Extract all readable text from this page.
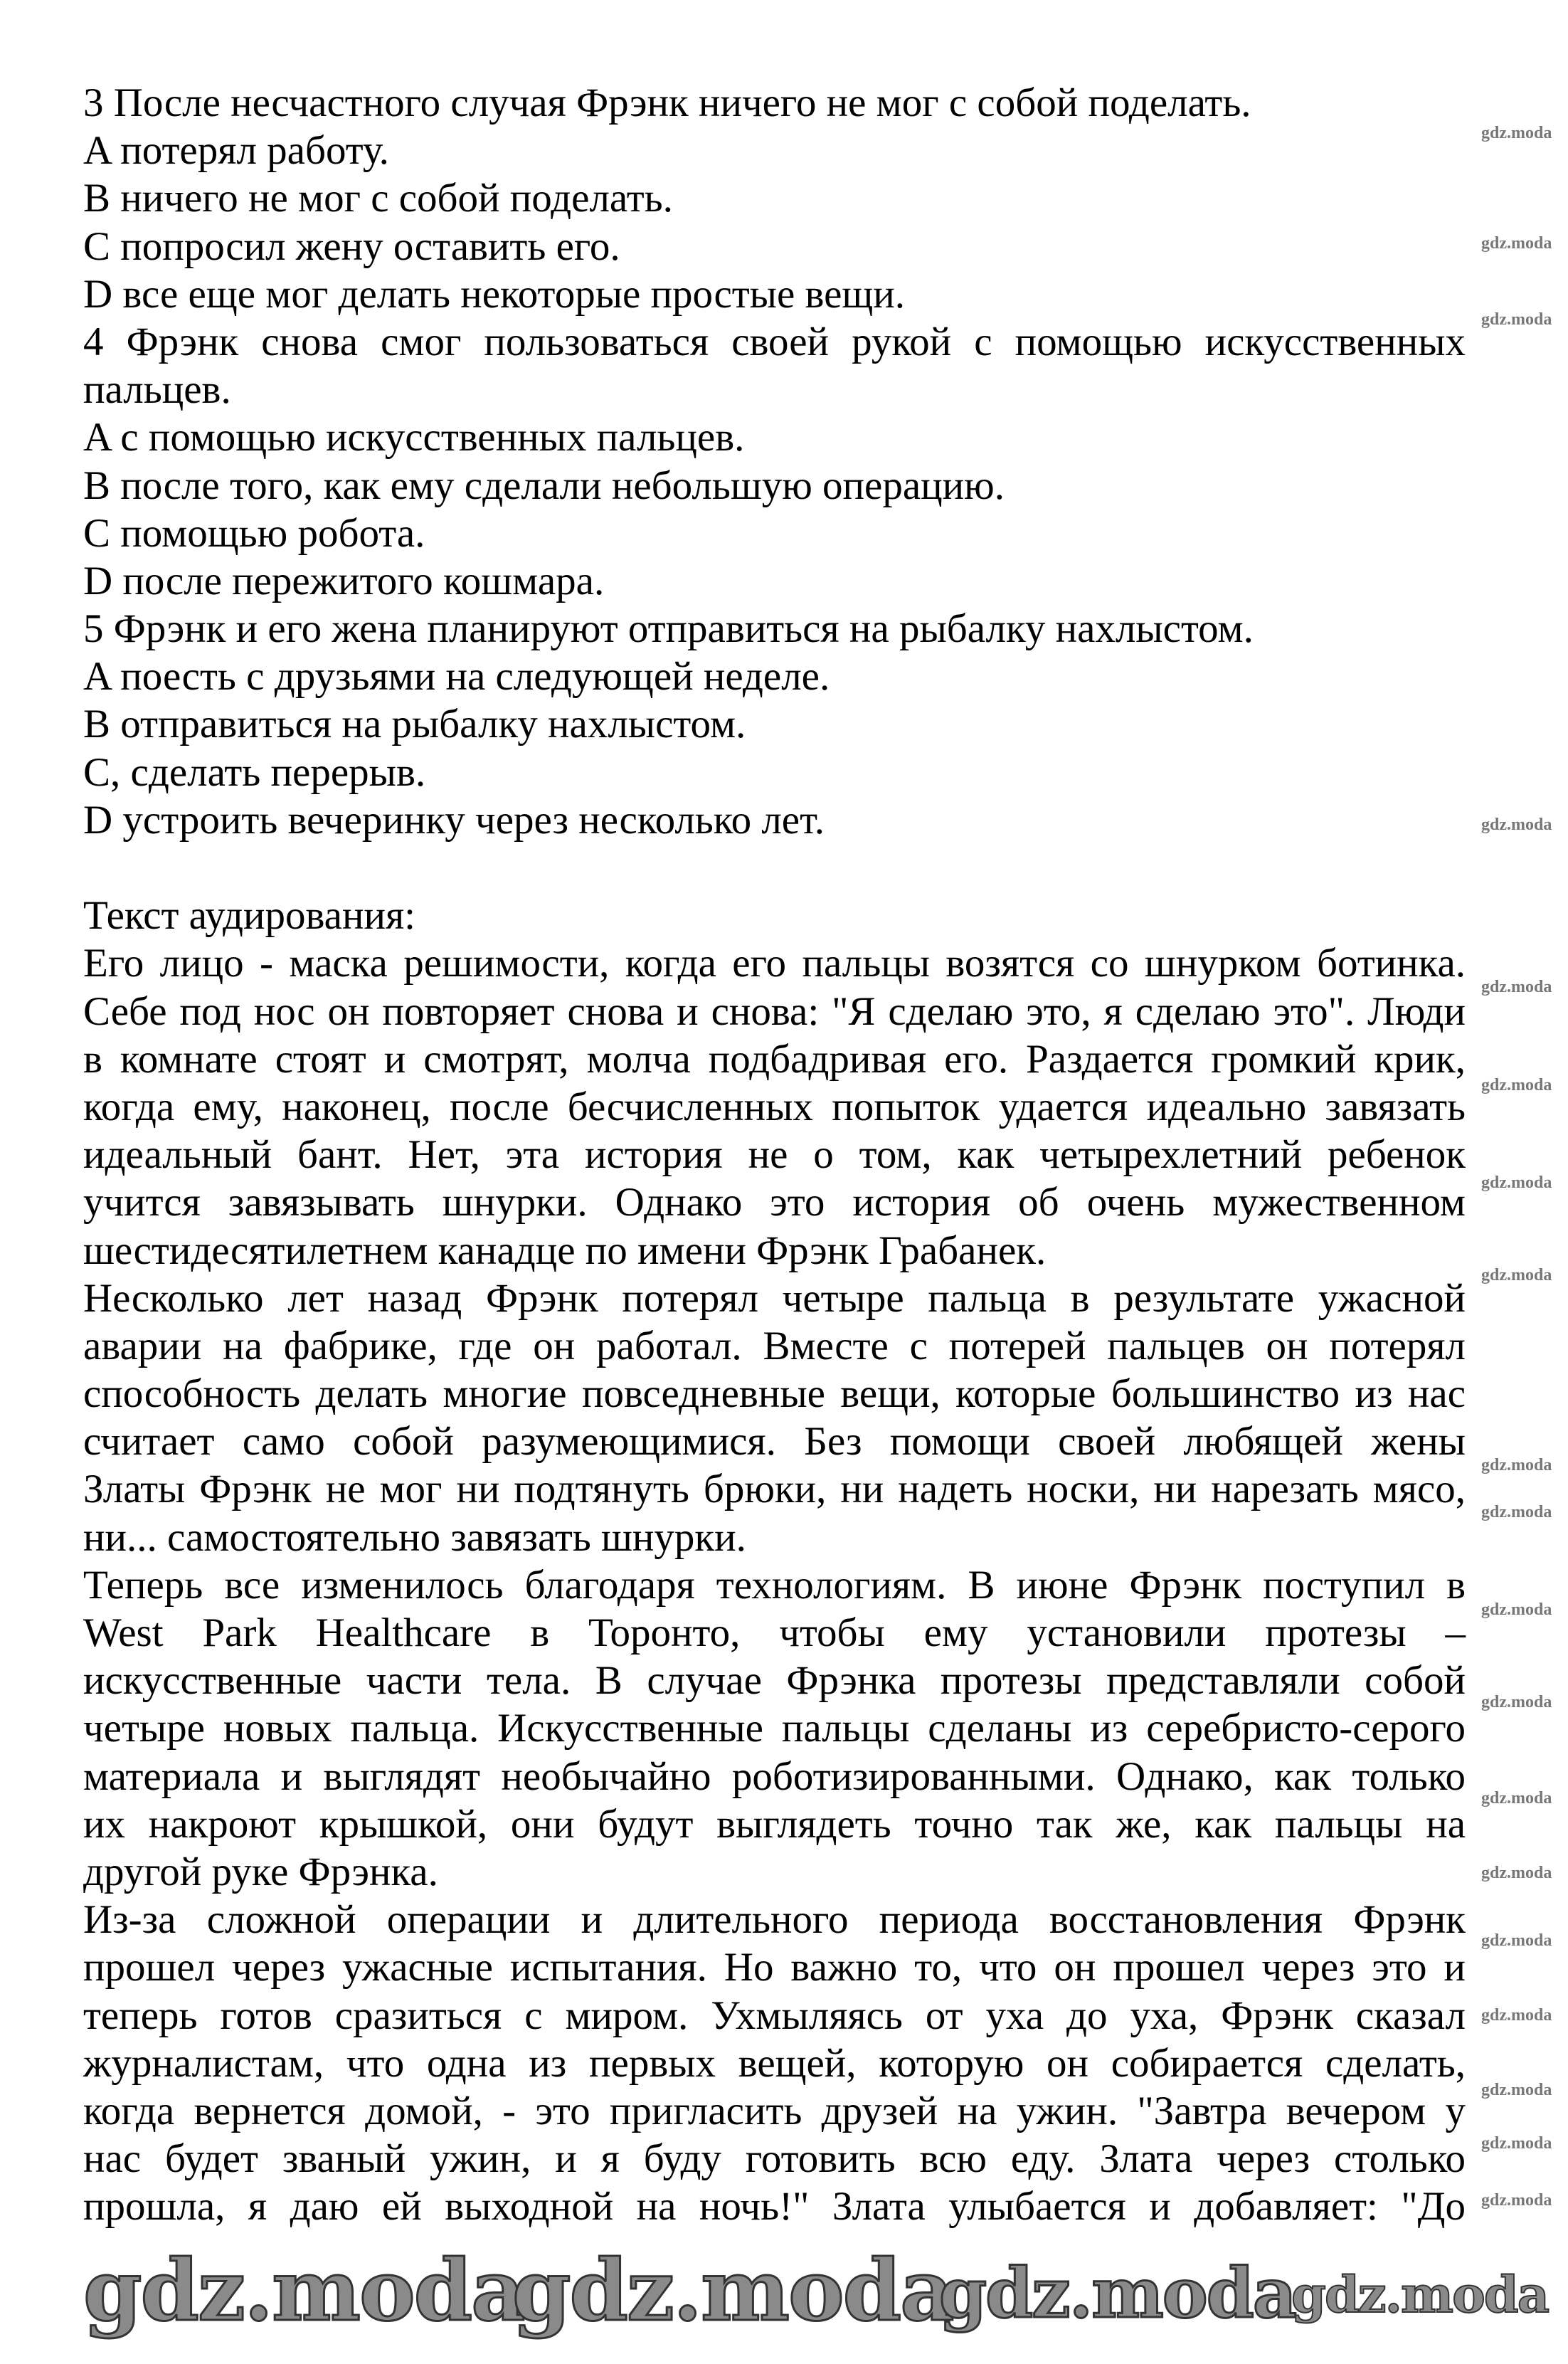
3 После несчастного случая Фрэнк ничего не мог с собой поделать.
A потерял работу.
B ничего не мог с собой поделать.
C попросил жену оставить его.
D все еще мог делать некоторые простые вещи.
4 Фрэнк снова смог пользоваться своей рукой с помощью искусственных
пальцев.
A с помощью искусственных пальцев.
B после того, как ему сделали небольшую операцию.
C помощью робота.
D после пережитого кошмара.
5 Фрэнк и его жена планируют отправиться на рыбалку нахлыстом.
A поесть с друзьями на следующей неделе.
B отправиться на рыбалку нахлыстом.
C, сделать перерыв.
D устроить вечеринку через несколько лет.
Текст аудирования:
Его лицо - маска решимости, когда его пальцы возятся со шнурком ботинка.
Себе под нос он повторяет снова и снова: "Я сделаю это, я сделаю это". Люди
в комнате стоят и смотрят, молча подбадривая его. Раздается громкий крик,
когда ему, наконец, после бесчисленных попыток удается идеально завязать
идеальный бант. Нет, эта история не о том, как четырехлетний ребенок
учится завязывать шнурки. Однако это история об очень мужественном
шестидесятилетнем канадце по имени Фрэнк Грабанек.
Несколько лет назад Фрэнк потерял четыре пальца в результате ужасной
аварии на фабрике, где он работал. Вместе с потерей пальцев он потерял
способность делать многие повседневные вещи, которые большинство из нас
считает само собой разумеющимися. Без помощи своей любящей жены
Златы Фрэнк не мог ни подтянуть брюки, ни надеть носки, ни нарезать мясо,
ни... самостоятельно завязать шнурки.
Теперь все изменилось благодаря технологиям. В июне Фрэнк поступил в
West Park Healthcare в Торонто, чтобы ему установили протезы –
искусственные части тела. В случае Фрэнка протезы представляли собой
четыре новых пальца. Искусственные пальцы сделаны из серебристо-серого
материала и выглядят необычайно роботизированными. Однако, как только
их накроют крышкой, они будут выглядеть точно так же, как пальцы на
другой руке Фрэнка.
Из-за сложной операции и длительного периода восстановления Фрэнк
прошел через ужасные испытания. Но важно то, что он прошел через это и
теперь готов сразиться с миром. Ухмыляясь от уха до уха, Фрэнк сказал
журналистам, что одна из первых вещей, которую он собирается сделать,
когда вернется домой, - это пригласить друзей на ужин. "Завтра вечером у
нас будет званый ужин, и я буду готовить всю еду. Злата через столько
прошла, я даю ей выходной на ночь!" Злата улыбается и добавляет: "До
gdz.moda
gdz.moda
gdz.moda
gdz.moda
gdz.moda
gdz.moda
gdz.moda
gdz.moda
gdz.moda
gdz.moda
gdz.moda
gdz.moda
gdz.moda
gdz.moda
gdz.moda
gdz.moda
gdz.moda
gdz.moda
gdz.moda
gdz.moda
gdz.moda
gdz.moda
gdz.moda
